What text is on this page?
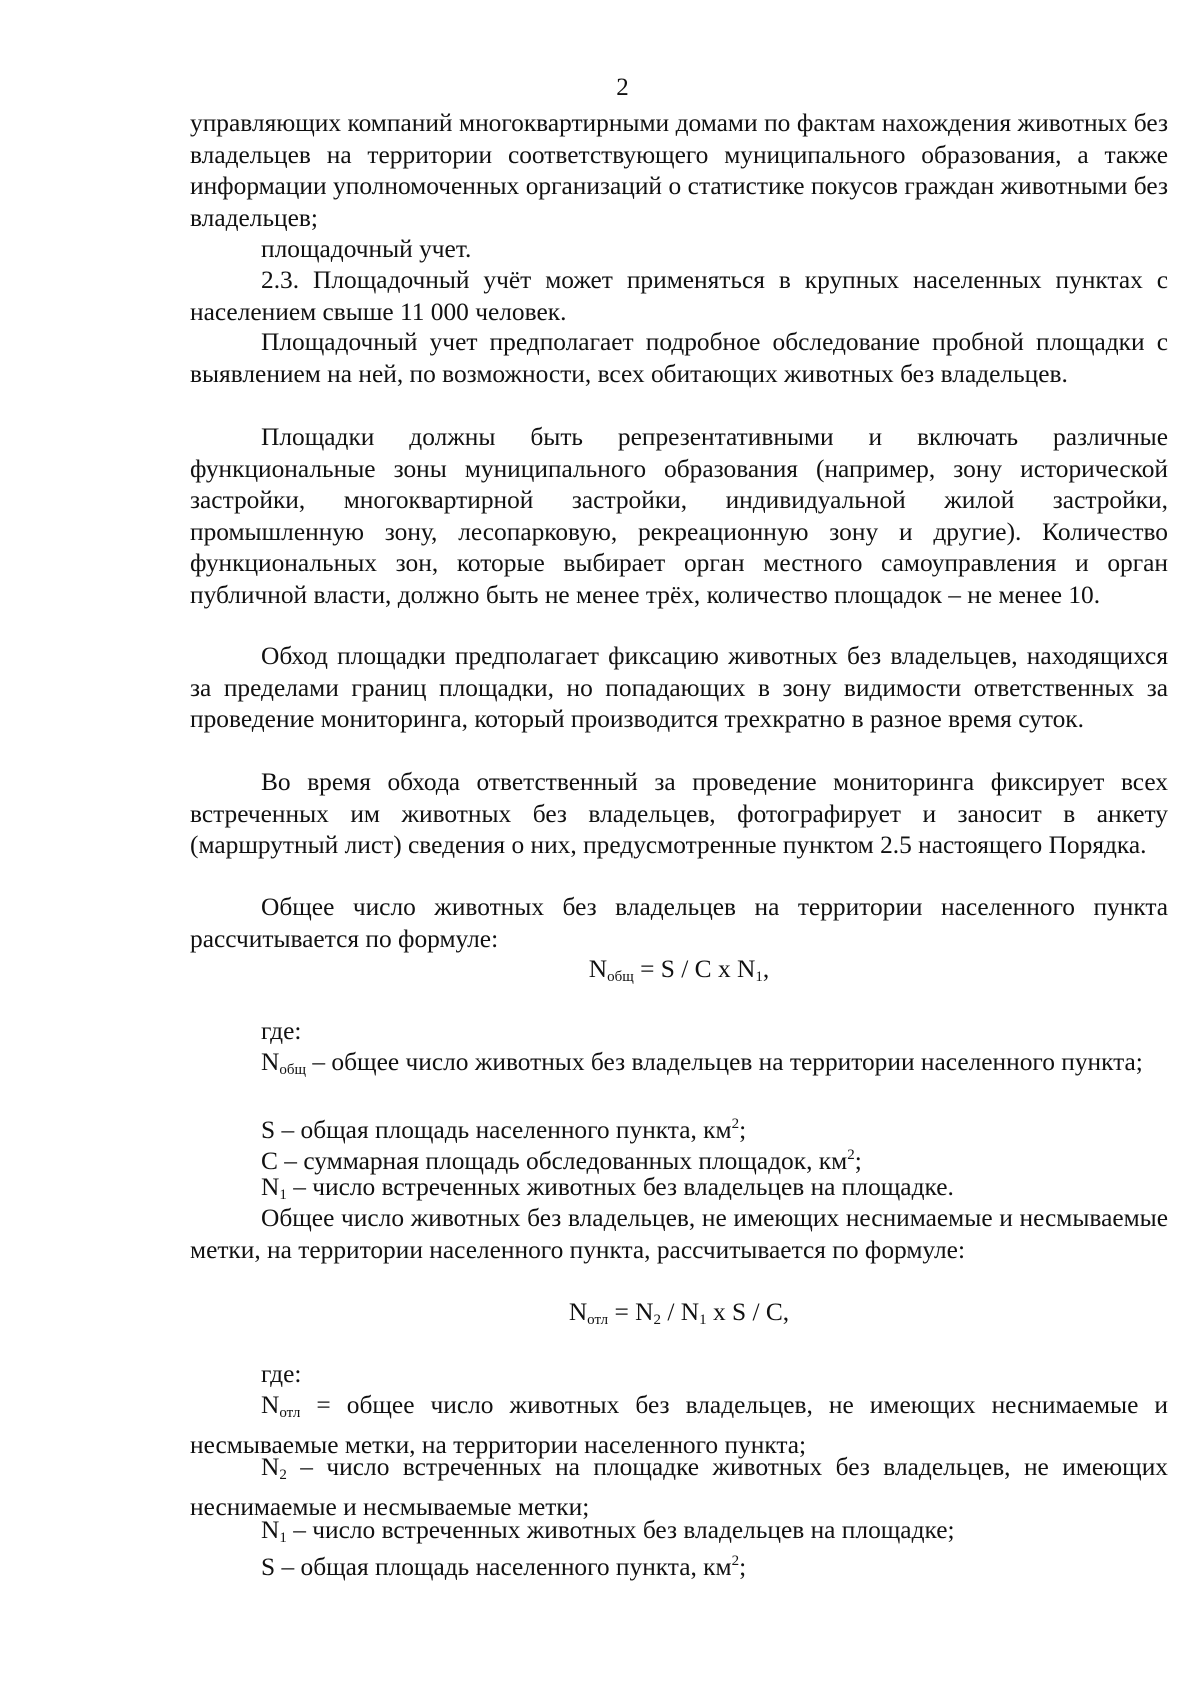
2

управляющих компаний многоквартирными домами по фактам нахождения животных без владельцев на территории соответствующего муниципального образования, а также информации уполномоченных организаций о статистике покусов граждан животными без владельцев;

площадочный учет.

2.3. Площадочный учёт может применяться в крупных населенных пунктах с населением свыше 11 000 человек.

Площадочный учет предполагает подробное обследование пробной площадки с выявлением на ней, по возможности, всех обитающих животных без владельцев.

Площадки должны быть репрезентативными и включать различные функциональные зоны муниципального образования (например, зону исторической застройки, многоквартирной застройки, индивидуальной жилой застройки, промышленную зону, лесопарковую, рекреационную зону и другие). Количество функциональных зон, которые выбирает орган местного самоуправления и орган публичной власти, должно быть не менее трёх, количество площадок – не менее 10.

Обход площадки предполагает фиксацию животных без владельцев, находящихся за пределами границ площадки, но попадающих в зону видимости ответственных за проведение мониторинга, который производится трехкратно в разное время суток.

Во время обхода ответственный за проведение мониторинга фиксирует всех встреченных им животных без владельцев, фотографирует и заносит в анкету (маршрутный лист) сведения о них, предусмотренные пунктом 2.5 настоящего Порядка.

Общее число животных без владельцев на территории населенного пункта рассчитывается по формуле:

$N_{общ} = S / C$ x $N_1$,

где:

$N_{общ}$ – общее число животных без владельцев на территории населенного пункта;

S – общая площадь населенного пункта, $км^2$;

С – суммарная площадь обследованных площадок, $км^2$;

$N_1$ – число встреченных животных без владельцев на площадке.

Общее число животных без владельцев, не имеющих неснимаемые и несмываемые метки, на территории населенного пункта, рассчитывается по формуле:

$N_{отл} = N_2 / N_1$ x S / C,

где:

$N_{отл}$ = общее число животных без владельцев, не имеющих неснимаемые и несмываемые метки, на территории населенного пункта;

$N_2$ – число встреченных на площадке животных без владельцев, не имеющих неснимаемые и несмываемые метки;

$N_1$ – число встреченных животных без владельцев на площадке;

S – общая площадь населенного пункта, $км^2$;
